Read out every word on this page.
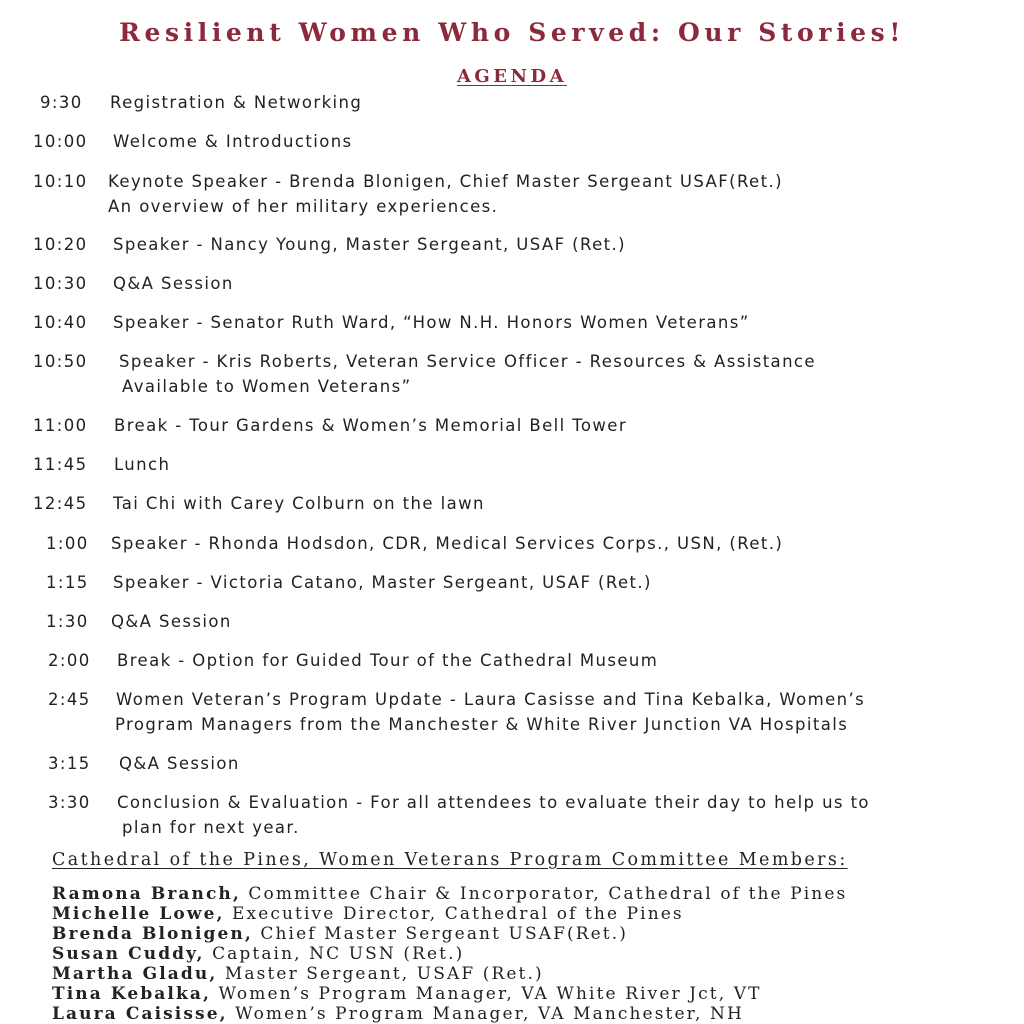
Resilient Women Who Served: Our Stories!
AGENDA
9:30 Registration & Networking
10:00 Welcome & Introductions
10:10 Keynote Speaker - Brenda Blonigen, Chief Master Sergeant USAF(Ret.)
An overview of her military experiences.
10:20 Speaker - Nancy Young, Master Sergeant, USAF (Ret.)
10:30 Q&A Session
10:40 Speaker - Senator Ruth Ward, “How N.H. Honors Women Veterans”
10:50 Speaker - Kris Roberts, Veteran Service Officer - Resources & Assistance
Available to Women Veterans”
11:00 Break - Tour Gardens & Women’s Memorial Bell Tower
11:45 Lunch
12:45 Tai Chi with Carey Colburn on the lawn
1:00 Speaker - Rhonda Hodsdon, CDR, Medical Services Corps., USN, (Ret.)
1:15 Speaker - Victoria Catano, Master Sergeant, USAF (Ret.)
1:30 Q&A Session
2:00 Break - Option for Guided Tour of the Cathedral Museum
2:45 Women Veteran’s Program Update - Laura Casisse and Tina Kebalka, Women’s
Program Managers from the Manchester & White River Junction VA Hospitals
3:15 Q&A Session
3:30 Conclusion & Evaluation - For all attendees to evaluate their day to help us to
plan for next year.
Cathedral of the Pines, Women Veterans Program Committee Members:
Ramona Branch, Committee Chair & Incorporator, Cathedral of the Pines
Michelle Lowe, Executive Director, Cathedral of the Pines
Brenda Blonigen, Chief Master Sergeant USAF(Ret.)
Susan Cuddy, Captain, NC USN (Ret.)
Martha Gladu, Master Sergeant, USAF (Ret.)
Tina Kebalka, Women’s Program Manager, VA White River Jct, VT
Laura Caisisse, Women’s Program Manager, VA Manchester, NH
